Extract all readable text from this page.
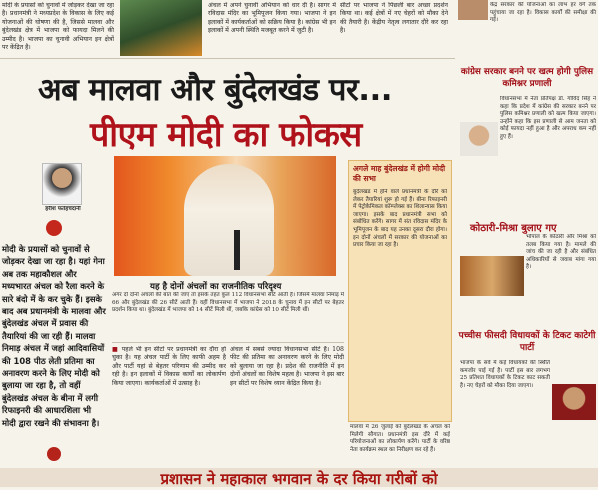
मोदी के प्रयासों को चुनावों में जोड़कर देखा जा रहा है। प्रधानमंत्री ने मध्यप्रदेश के विकास के लिए कई योजनाओं की घोषणा की है, जिससे मालवा और बुंदेलखंड क्षेत्र में भाजपा को फायदा मिलने की उम्मीद है। भाजपा का चुनावी अभियान इन क्षेत्रों पर केंद्रित है।
अंचल में अपने चुनावी अभियान को धार दी है। सागर में रविदास मंदिर का भूमिपूजन किया गया। भाजपा ने इन इलाकों में कार्यकर्ताओं को सक्रिय किया है। कांग्रेस भी इन इलाकों में अपनी स्थिति मजबूत करने में जुटी है।
सीटों पर भाजपा ने पिछली बार अच्छा प्रदर्शन किया था। कई क्षेत्रों में नए चेहरों को मौका देने की तैयारी है। केंद्रीय नेतृत्व लगातार दौरे कर रहा है।
अब मालवा और बुंदेलखंड पर...
पीएम मोदी का फोकस
हरीश फतेहचंदानी
मोदी के प्रयासों को चुनावों से जोड़कर देखा जा रहा है। यहां गेना अब तक महाकौशल और मध्यभारत अंचल को रैला करने के सारे बंदो में के कर चुके हैं। इसके बाद अब प्रधानमंत्री के मालवा और बुंदेलखंड अंचल में प्रवास की तैयारियां की जा रही हैं। मालवा निमाड़ अंचल में जहां आदिवासियों की 108 पीठ लेती प्रतिमा का अनावरण करने के लिए मोदी को बुलाया जा रहा है, तो वहीं बुंदेलखंड अंचल के बीना में लगी रिफाइनरी की आधारशिला भी मोदी द्वारा रखने की संभावना है।
यह है दोनों अंचलों का राजनीतिक परिदृश्य
अगर दो दोनों अंचलों की बात की जाए तो इसके तहत कुल 112 विधानसभा सीटें आती हैं। जिसमें मालवा निमाड़ में 66 और बुंदेलखंड की 26 सीटें आती हैं। वहीं विधानसभा में भाजपा ने 2018 के चुनाव में इन सीटों पर बेहतर प्रदर्शन किया था। बुंदेलखंड में भाजपा को 14 सीटें मिली थीं, जबकि कांग्रेस को 10 सीटें मिली थीं।
■ पहले भी इन सीटों पर प्रधानमंत्री का दौरा हो चुका है। यह अंचल पार्टी के लिए काफी अहम है और पार्टी यहां से बेहतर परिणाम की उम्मीद कर रही है। इन इलाकों में विकास कार्यों का लोकार्पण किया जाएगा। कार्यकर्ताओं में उत्साह है।
अंचल में सबसे ज्यादा विधानसभा सीटें हैं। 108 फीट की प्रतिमा का अनावरण करने के लिए मोदी को बुलाया जा रहा है। प्रदेश की राजनीति में इन दोनों अंचलों का विशेष महत्व है। भाजपा ने इस बार इन सीटों पर विशेष ध्यान केंद्रित किया है।
अगले माह बुंदेलखंड में होगी मोदी की सभा
बुंदेलखंड में होने वाले प्रधानमंत्री के दौरे को लेकर तैयारियां शुरू हो गई हैं। बीना रिफाइनरी में पेट्रोकेमिकल कॉम्प्लेक्स का शिलान्यास किया जाएगा। इसके बाद प्रधानमंत्री सभा को संबोधित करेंगे। सागर में संत रविदास मंदिर के भूमिपूजन के बाद यह उनका दूसरा दौरा होगा। इन दोनों अंचलों में सरकार की योजनाओं का प्रचार किया जा रहा है।
मालवा में 26 जुलाई को बुंदेलखंड के अंचल को मिलेगी सौगात। प्रधानमंत्री इस दौरे में कई परियोजनाओं का लोकार्पण करेंगे। पार्टी के वरिष्ठ नेता कार्यक्रम स्थल का निरीक्षण कर रहे हैं।
केंद्र सरकार की योजनाओं का लाभ हर वर्ग तक पहुंचाया जा रहा है। विकास कार्यों की समीक्षा की गई।
कांग्रेस सरकार बनने पर खत्म होगी पुलिस कमिश्नर प्रणाली
विधानसभा में नेता प्रतिपक्ष डॉ. गोविंद सिंह ने कहा कि प्रदेश में कांग्रेस की सरकार बनने पर पुलिस कमिश्नर प्रणाली को खत्म किया जाएगा। उन्होंने कहा कि इस प्रणाली से आम जनता को कोई फायदा नहीं हुआ है और अपराध कम नहीं हुए हैं।
कोठारी-मिश्रा बुलाए गए
भोपाल के कोठारी और मिश्रा को तलब किया गया है। मामले की जांच की जा रही है और संबंधित अधिकारियों से जवाब मांगा गया है।
पच्चीस फीसदी विधायकों के टिकट काटेगी पार्टी
भाजपा के सर्वे में कई विधायकों की स्थिति कमजोर पाई गई है। पार्टी इस बार लगभग 25 प्रतिशत विधायकों के टिकट काट सकती है। नए चेहरों को मौका दिया जाएगा।
प्रशासन ने महाकाल भगवान के दर किया गरीबों को
